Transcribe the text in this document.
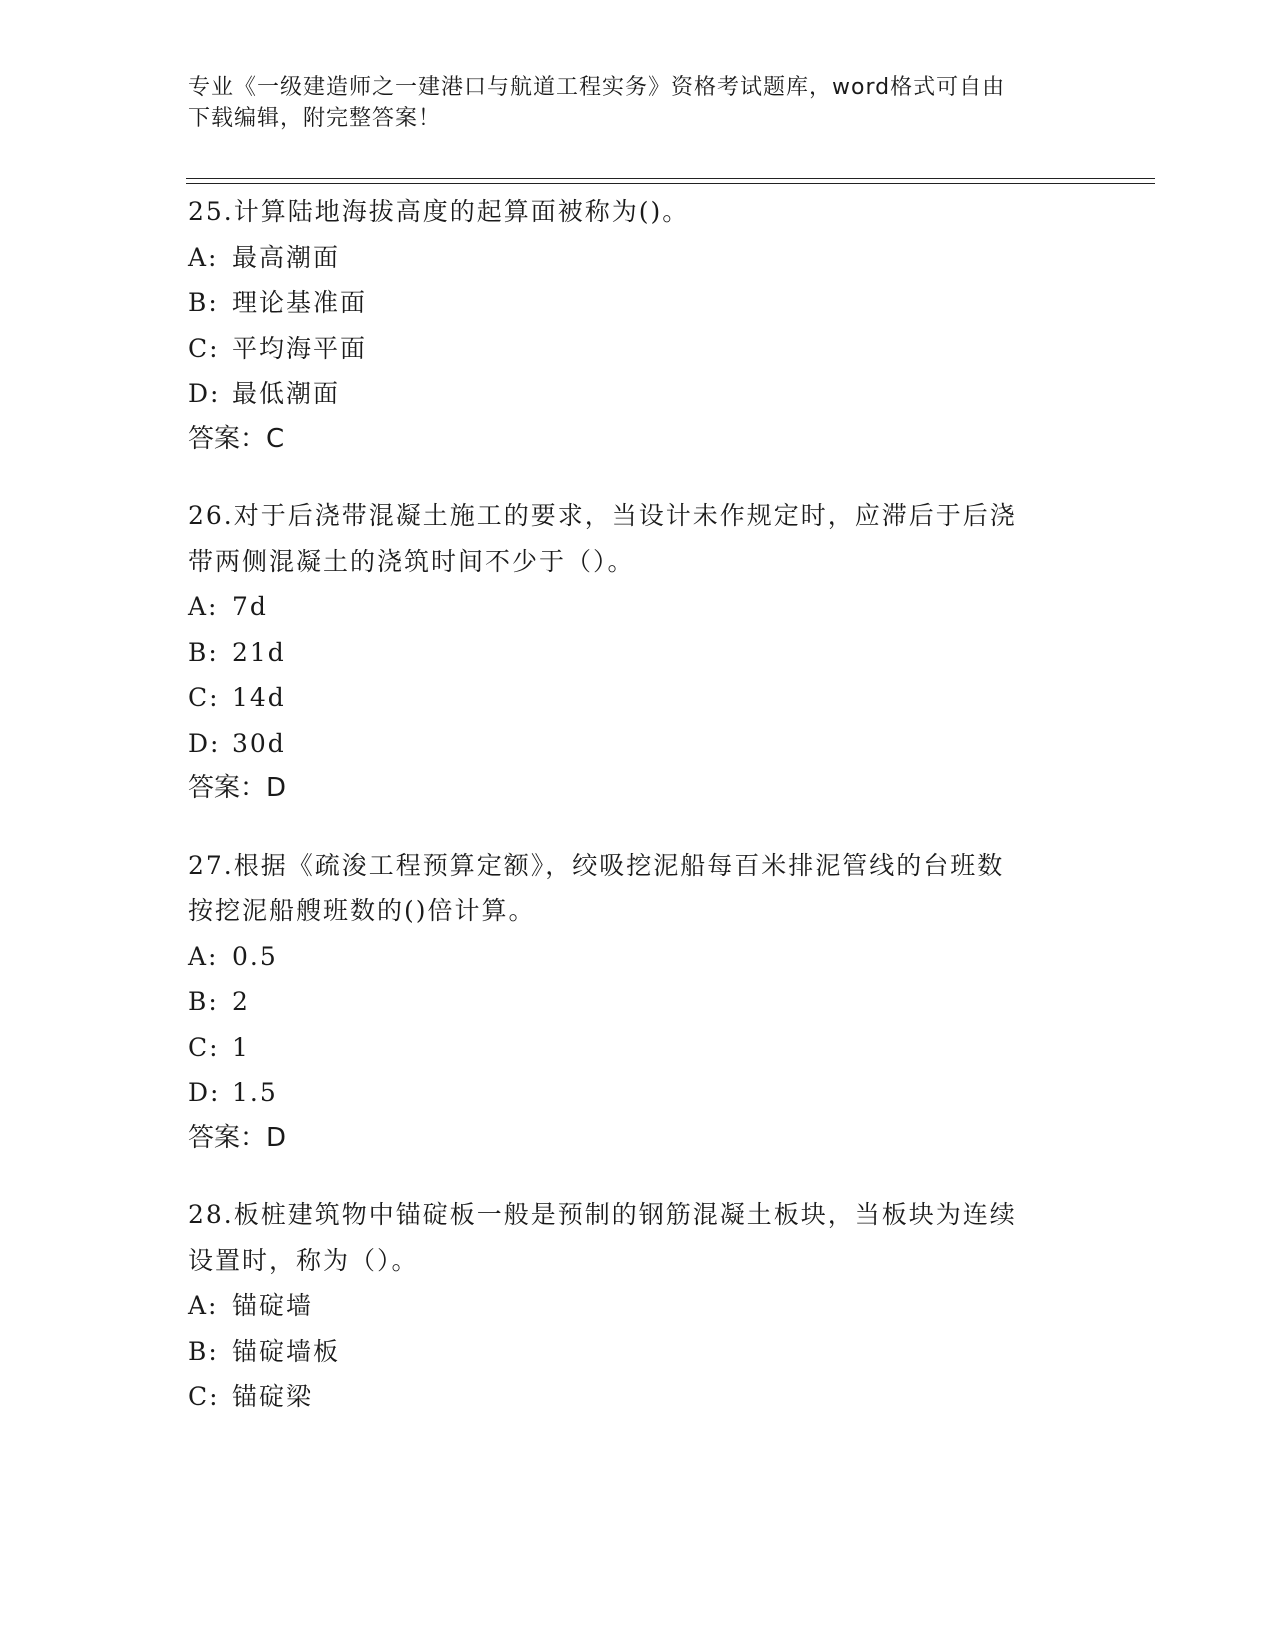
专业《一级建造师之一建港口与航道工程实务》资格考试题库，word格式可自由
下载编辑，附完整答案！
25.计算陆地海拔高度的起算面被称为()。
A: 最高潮面
B: 理论基准面
C: 平均海平面
D: 最低潮面
答案：C
26.对于后浇带混凝土施工的要求，当设计未作规定时，应滞后于后浇
带两侧混凝土的浇筑时间不少于（）。
A: 7d
B: 21d
C: 14d
D: 30d
答案：D
27.根据《疏浚工程预算定额》，绞吸挖泥船每百米排泥管线的台班数
按挖泥船艘班数的()倍计算。
A: 0.5
B: 2
C: 1
D: 1.5
答案：D
28.板桩建筑物中锚碇板一般是预制的钢筋混凝土板块，当板块为连续
设置时，称为（）。
A: 锚碇墙
B: 锚碇墙板
C: 锚碇梁
